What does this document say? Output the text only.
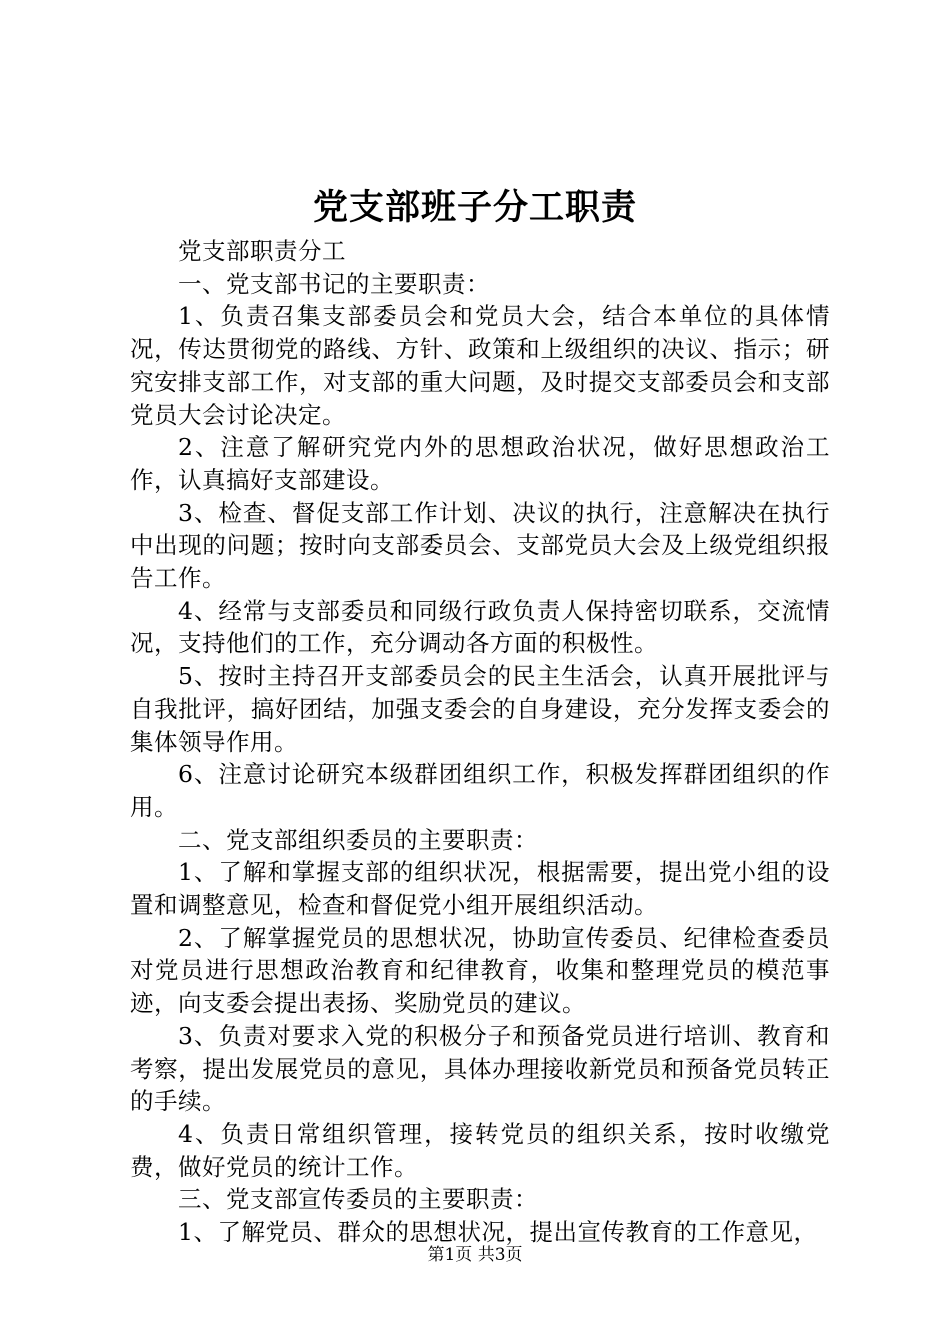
党支部班子分工职责

党支部职责分工

一、党支部书记的主要职责：

1、负责召集支部委员会和党员大会，结合本单位的具体情况，传达贯彻党的路线、方针、政策和上级组织的决议、指示；研究安排支部工作，对支部的重大问题，及时提交支部委员会和支部党员大会讨论决定。

2、注意了解研究党内外的思想政治状况，做好思想政治工作，认真搞好支部建设。

3、检查、督促支部工作计划、决议的执行，注意解决在执行中出现的问题；按时向支部委员会、支部党员大会及上级党组织报告工作。

4、经常与支部委员和同级行政负责人保持密切联系，交流情况，支持他们的工作，充分调动各方面的积极性。

5、按时主持召开支部委员会的民主生活会，认真开展批评与自我批评，搞好团结，加强支委会的自身建设，充分发挥支委会的集体领导作用。

6、注意讨论研究本级群团组织工作，积极发挥群团组织的作用。

二、党支部组织委员的主要职责：

1、了解和掌握支部的组织状况，根据需要，提出党小组的设置和调整意见，检查和督促党小组开展组织活动。

2、了解掌握党员的思想状况，协助宣传委员、纪律检查委员对党员进行思想政治教育和纪律教育，收集和整理党员的模范事迹，向支委会提出表扬、奖励党员的建议。

3、负责对要求入党的积极分子和预备党员进行培训、教育和考察，提出发展党员的意见，具体办理接收新党员和预备党员转正的手续。

4、负责日常组织管理，接转党员的组织关系，按时收缴党费，做好党员的统计工作。

三、党支部宣传委员的主要职责：

1、了解党员、群众的思想状况，提出宣传教育的工作意见，

第1页 共3页
